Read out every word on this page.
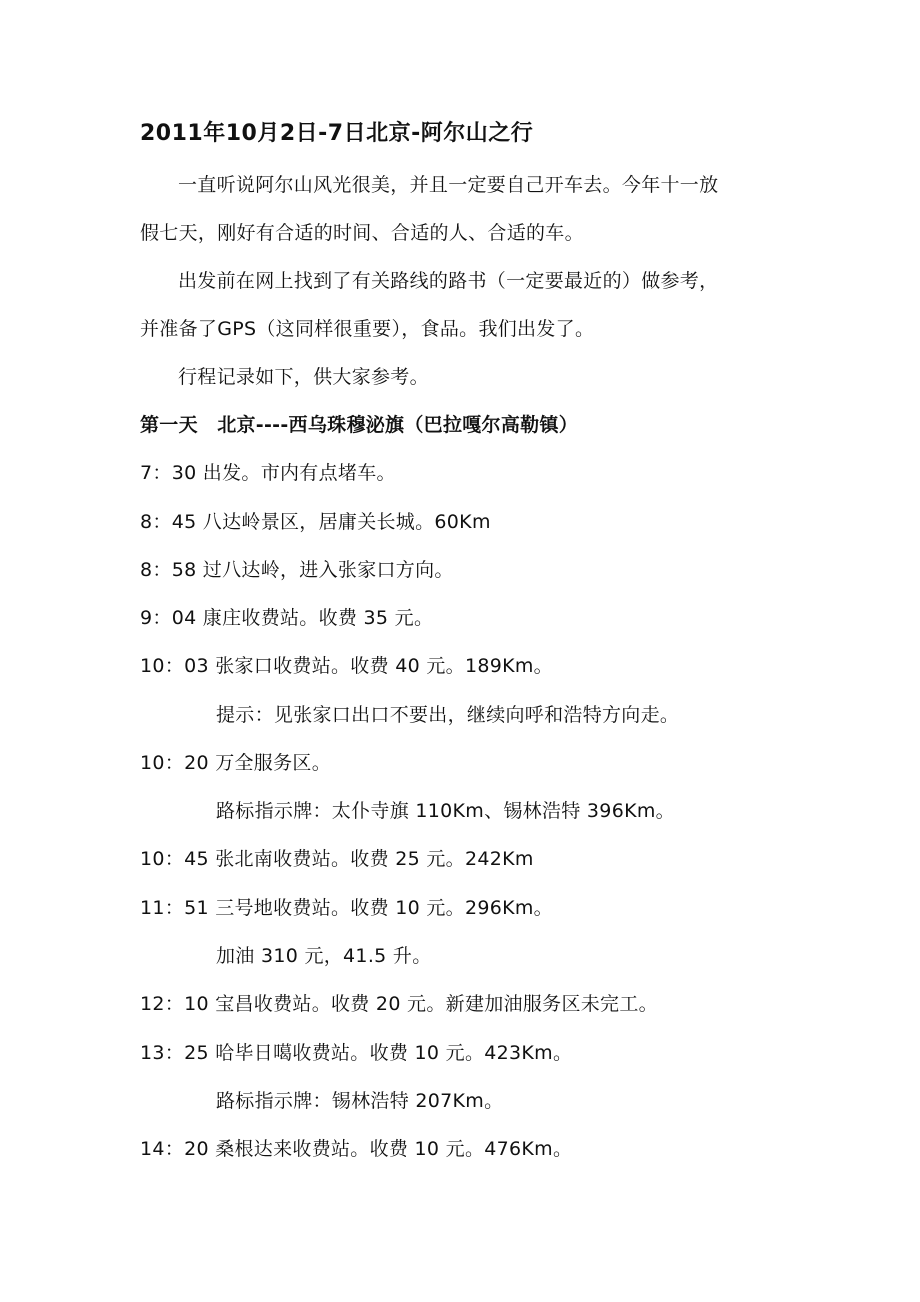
2011年10月2日-7日北京-阿尔山之行
一直听说阿尔山风光很美，并且一定要自己开车去。今年十一放
假七天，刚好有合适的时间、合适的人、合适的车。
出发前在网上找到了有关路线的路书（一定要最近的）做参考，
并准备了GPS（这同样很重要），食品。我们出发了。
行程记录如下，供大家参考。
第一天　北京----西乌珠穆泌旗（巴拉嘎尔高勒镇）
7：30 出发。市内有点堵车。
8：45 八达岭景区，居庸关长城。60Km
8：58 过八达岭，进入张家口方向。
9：04 康庄收费站。收费 35 元。
10：03 张家口收费站。收费 40 元。189Km。
提示：见张家口出口不要出，继续向呼和浩特方向走。
10：20 万全服务区。
路标指示牌：太仆寺旗 110Km、锡林浩特 396Km。
10：45 张北南收费站。收费 25 元。242Km
11：51 三号地收费站。收费 10 元。296Km。
加油 310 元，41.5 升。
12：10 宝昌收费站。收费 20 元。新建加油服务区未完工。
13：25 哈毕日噶收费站。收费 10 元。423Km。
路标指示牌：锡林浩特 207Km。
14：20 桑根达来收费站。收费 10 元。476Km。
